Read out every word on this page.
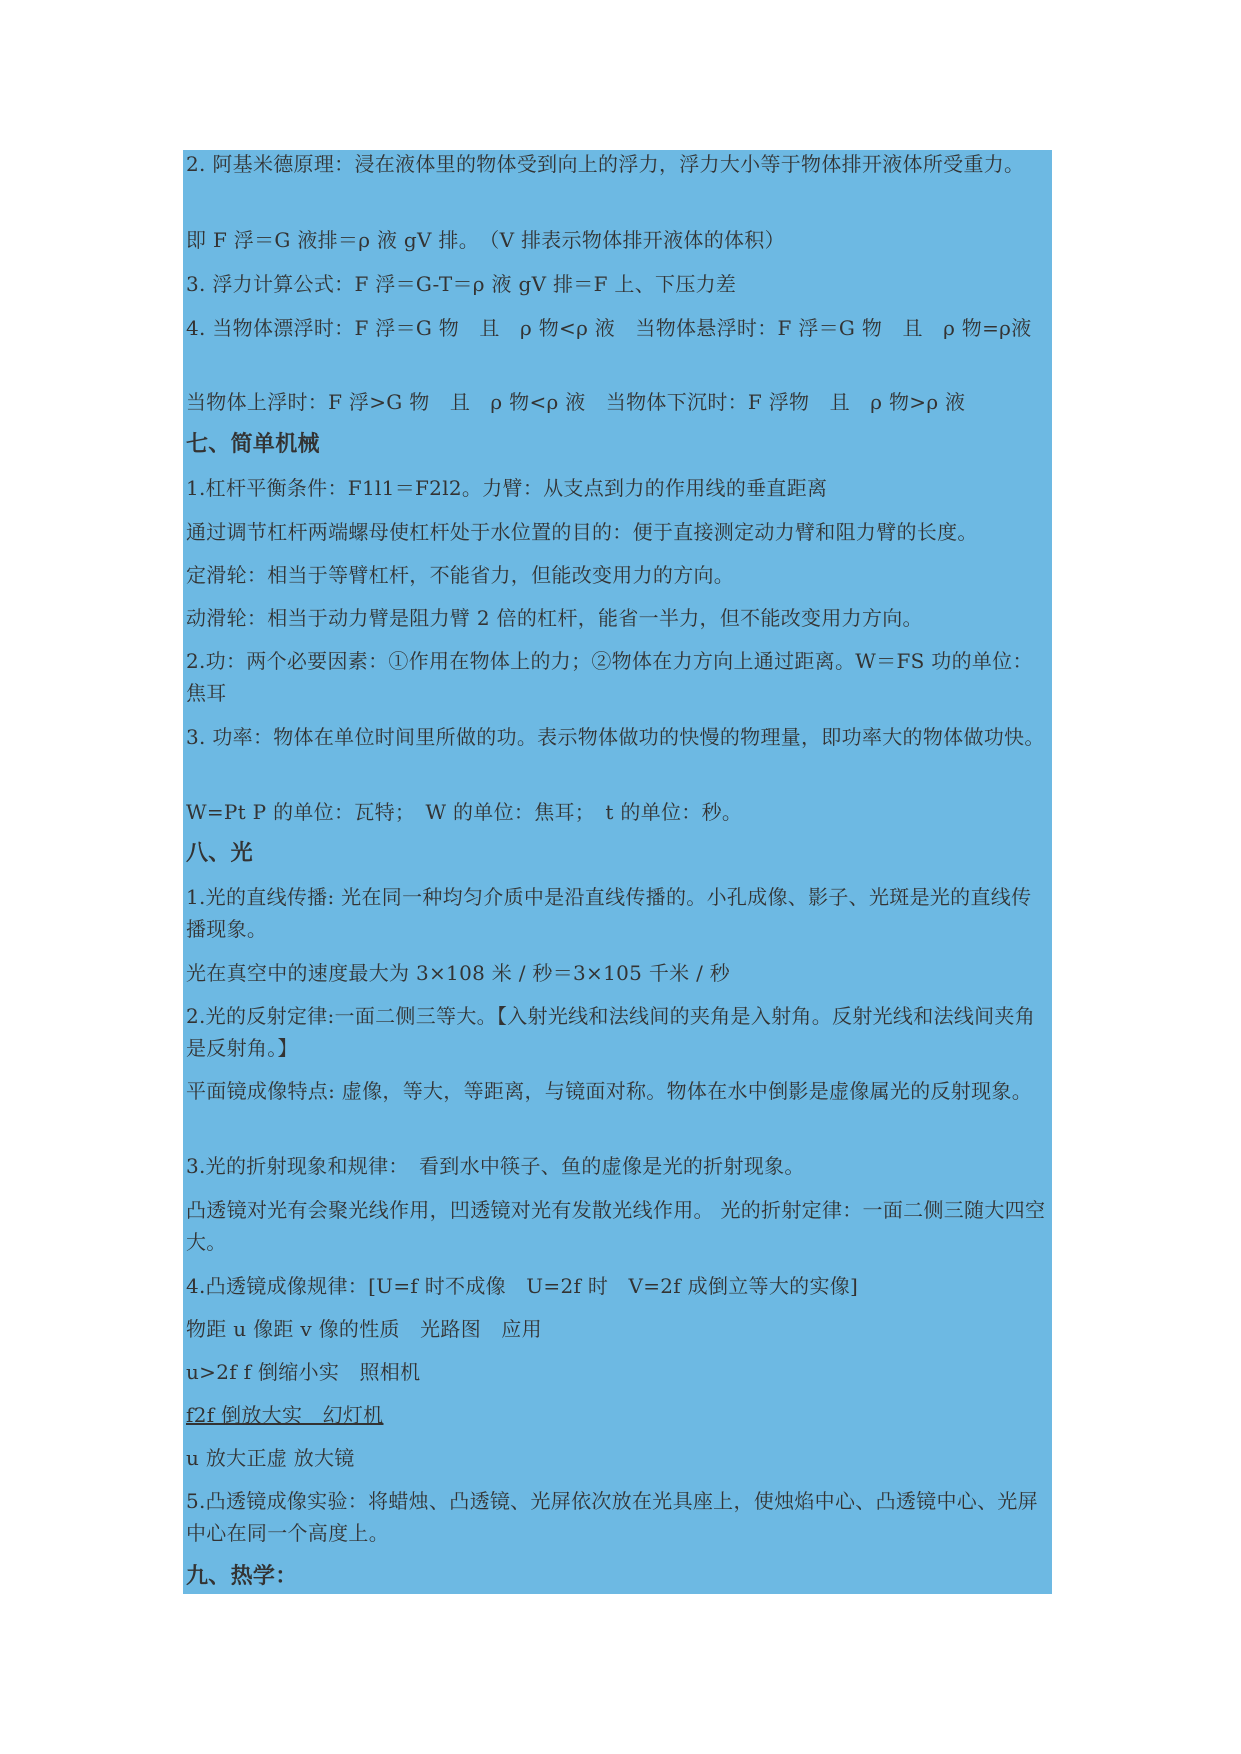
2. 阿基米德原理：浸在液体里的物体受到向上的浮力，浮力大小等于物体排开液体所受重力。
即 F 浮＝G 液排＝ρ 液 gV 排。　（V 排表示物体排开液体的体积）
3. 浮力计算公式：F 浮＝G-T＝ρ 液 gV 排＝F 上、下压力差
4. 当物体漂浮时：F 浮＝G 物　且　ρ 物<ρ 液　当物体悬浮时：F 浮＝G 物　且　ρ 物=ρ液
当物体上浮时：F 浮>G 物　且　ρ 物<ρ 液　当物体下沉时：F 浮物　且　ρ 物>ρ 液
七、简单机械
1.杠杆平衡条件：F1l1＝F2l2。力臂：从支点到力的作用线的垂直距离
通过调节杠杆两端螺母使杠杆处于水位置的目的：便于直接测定动力臂和阻力臂的长度。
定滑轮：相当于等臂杠杆，不能省力，但能改变用力的方向。
动滑轮：相当于动力臂是阻力臂 2 倍的杠杆，能省一半力，但不能改变用力方向。
2.功：两个必要因素：①作用在物体上的力；②物体在力方向上通过距离。W＝FS 功的单位：焦耳
3. 功率：物体在单位时间里所做的功。表示物体做功的快慢的物理量，即功率大的物体做功快。
W=Pt P 的单位：瓦特；　W 的单位：焦耳；　t 的单位：秒。
八、光
1.光的直线传播: 光在同一种均匀介质中是沿直线传播的。小孔成像、影子、光斑是光的直线传播现象。
光在真空中的速度最大为 3×108 米 / 秒＝3×105 千米 / 秒
2.光的反射定律:一面二侧三等大。【入射光线和法线间的夹角是入射角。反射光线和法线间夹角是反射角。】
平面镜成像特点: 虚像，等大，等距离，与镜面对称。物体在水中倒影是虚像属光的反射现象。
3.光的折射现象和规律：　看到水中筷子、鱼的虚像是光的折射现象。
凸透镜对光有会聚光线作用，凹透镜对光有发散光线作用。 光的折射定律：一面二侧三随大四空大。
4.凸透镜成像规律：[U=f 时不成像　U=2f 时　V=2f 成倒立等大的实像]
物距 u 像距 v 像的性质　光路图　应用
u>2f f 倒缩小实　照相机
f2f 倒放大实　幻灯机
u 放大正虚 放大镜
5.凸透镜成像实验：将蜡烛、凸透镜、光屏依次放在光具座上，使烛焰中心、凸透镜中心、光屏中心在同一个高度上。
九、热学：
